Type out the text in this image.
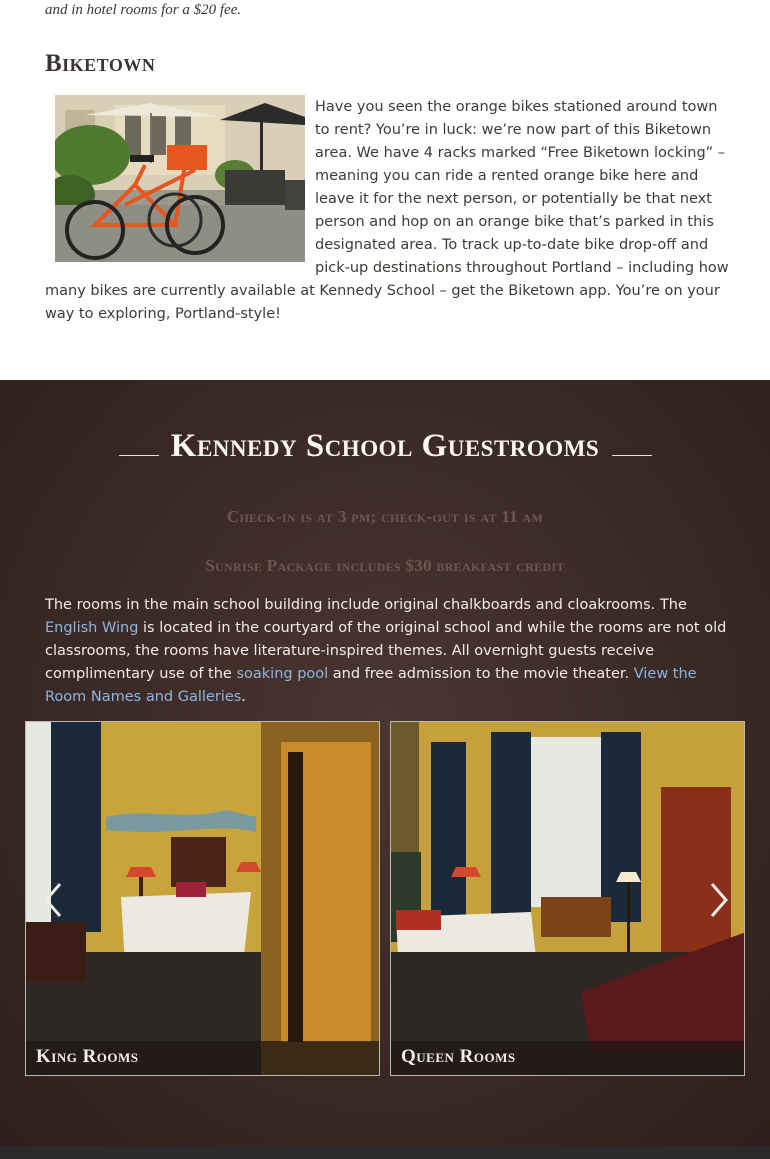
and in hotel rooms for a $20 fee.
Biketown
Have you seen the orange bikes stationed around town to rent? You’re in luck: we’re now part of this Biketown area. We have 4 racks marked “Free Biketown locking” – meaning you can ride a rented orange bike here and leave it for the next person, or potentially be that next person and hop on an orange bike that’s parked in this designated area. To track up-to-date bike drop-off and pick-up destinations throughout Portland – including how many bikes are currently available at Kennedy School – get the Biketown app. You’re on your way to exploring, Portland-style!
Kennedy School Guestrooms
Check-in is at 3 pm; check-out is at 11 am
Sunrise Package includes $30 breakfast credit

The rooms in the main school building include original chalkboards and cloakrooms. The English Wing is located in the courtyard of the original school and while the rooms are not old classrooms, the rooms have literature-inspired themes. All overnight guests receive complimentary use of the soaking pool and free admission to the movie theater. View the Room Names and Galleries.

King Rooms	Queen Rooms
